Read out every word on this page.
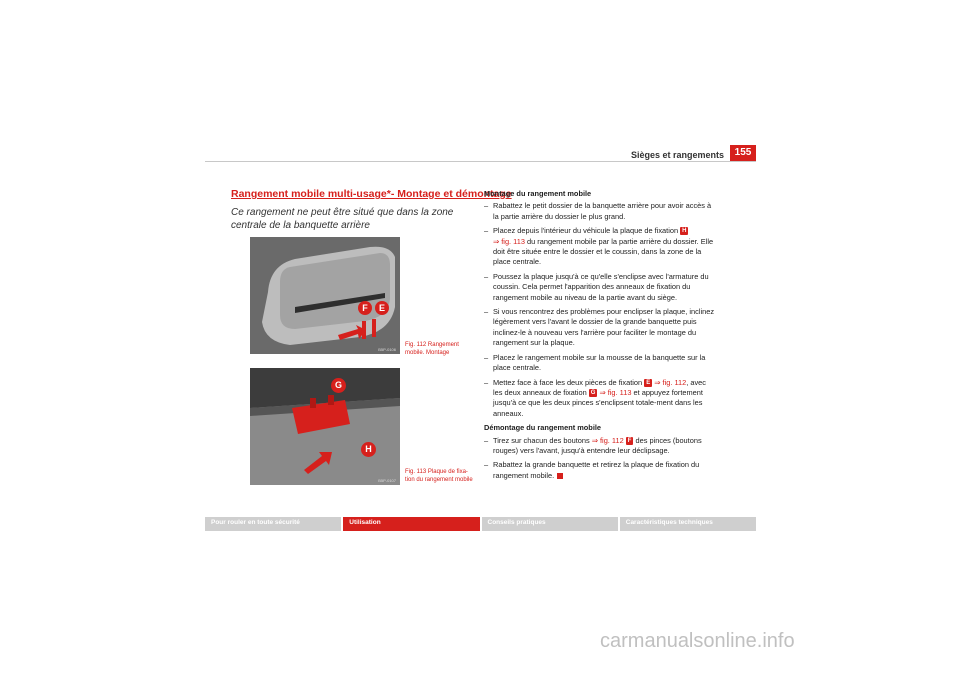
Sièges et rangements	155
Rangement mobile multi-usage*- Montage et démontage
Ce rangement ne peut être situé que dans la zone centrale de la banquette arrière
F	E
B5P-0106
Fig. 112 Rangement mobile. Montage
G
H
B5P-0107
Fig. 113 Plaque de fixa-tion du rangement mobile
Montage du rangement mobile
– Rabattez le petit dossier de la banquette arrière pour avoir accès à la partie arrière du dossier le plus grand.
– Placez depuis l'intérieur du véhicule la plaque de fixation H
⇒ fig. 113 du rangement mobile par la partie arrière du dossier. Elle doit être située entre le dossier et le coussin, dans la zone de la place centrale.
– Poussez la plaque jusqu'à ce qu'elle s'enclipse avec l'armature du coussin. Cela permet l'apparition des anneaux de fixation du rangement mobile au niveau de la partie avant du siège.
– Si vous rencontrez des problèmes pour enclipser la plaque, inclinez légèrement vers l'avant le dossier de la grande banquette puis inclinez-le à nouveau vers l'arrière pour faciliter le montage du rangement sur la plaque.
– Placez le rangement mobile sur la mousse de la banquette sur la place centrale.
– Mettez face à face les deux pièces de fixation E ⇒ fig. 112, avec les deux anneaux de fixation G ⇒ fig. 113 et appuyez fortement jusqu'à ce que les deux pinces s'enclipsent totale-ment dans les anneaux.
Démontage du rangement mobile
– Tirez sur chacun des boutons ⇒ fig. 112 F des pinces (boutons rouges) vers l'avant, jusqu'à entendre leur déclipsage.
– Rabattez la grande banquette et retirez la plaque de fixation du rangement mobile.
Pour rouler en toute sécurité	Utilisation	Conseils pratiques	Caractéristiques techniques
carmanualsonline.info
